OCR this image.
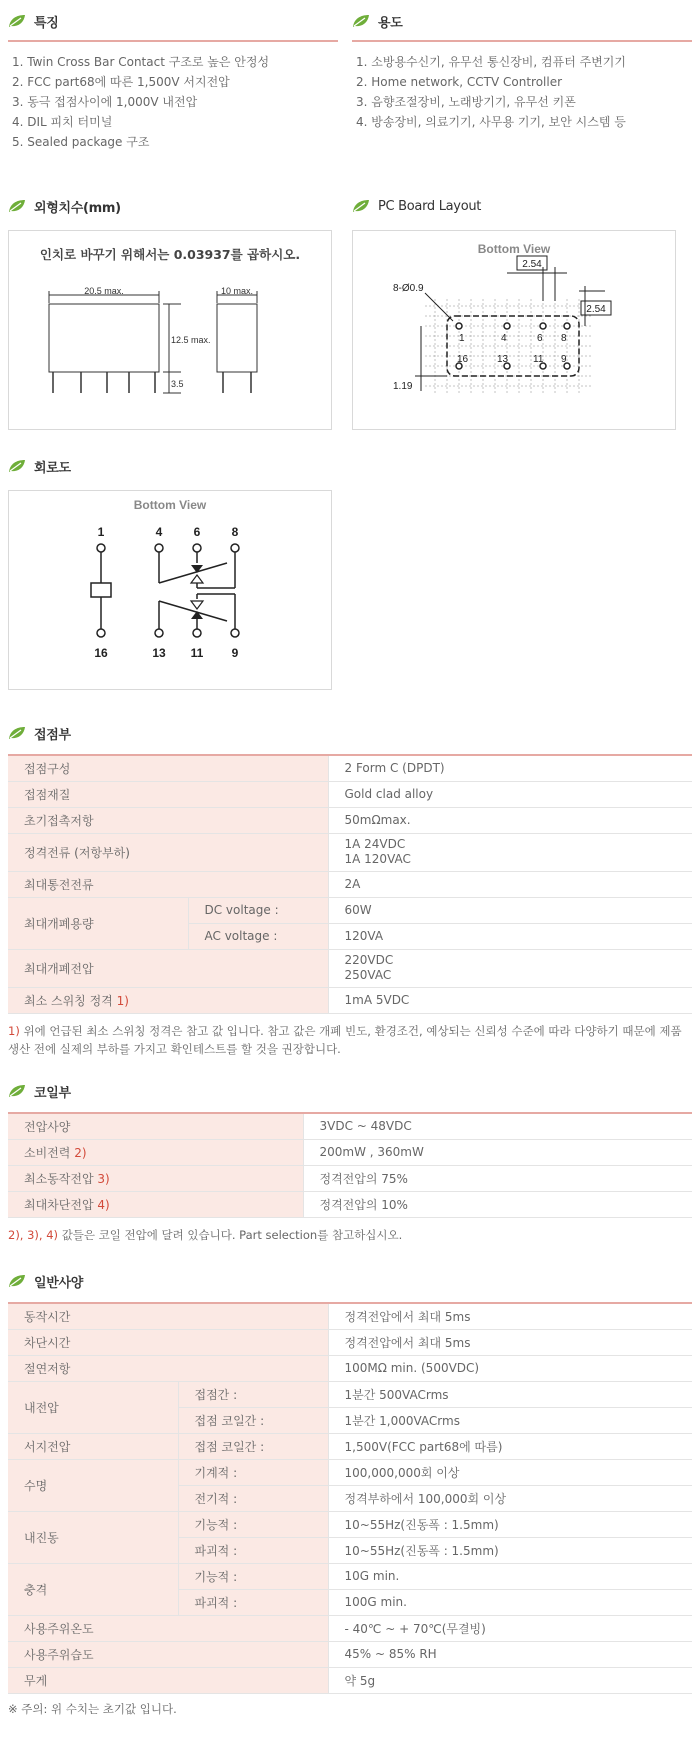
특징
1. Twin Cross Bar Contact 구조로 높은 안정성
2. FCC part68에 따른 1,500V 서지전압
3. 동극 접점사이에 1,000V 내전압
4. DIL 피치 터미널
5. Sealed package 구조
용도
1. 소방용수신기, 유무선 통신장비, 컴퓨터 주변기기
2. Home network, CCTV Controller
3. 음향조절장비, 노래방기기, 유무선 키폰
4. 방송장비, 의료기기, 사무용 기기, 보안 시스템 등
외형치수(mm)
인치로 바꾸기 위해서는 0.03937를 곱하시오.
20.5 max.
12.5 max.
3.5
10 max.
PC Board Layout
Bottom View
1	4	6 8
16	13 11 9
8-Ø0.9
2.54
2.54
1.19
회로도
Bottom View
1	4	6	8
16	13 11 9
접점부
접점구성		2 Form C (DPDT)
접점재질		Gold clad alloy
초기접촉저항		50mΩmax.
정격전류 (저항부하)		1A 24VDC
1A 120VAC

최대통전전류		2A
최대개폐용량	DC voltage :	60W
	AC voltage :	120VA
최대개폐전압		220VDC
250VAC

최소 스위칭 정격 1)		1mA 5VDC

1) 위에 언급된 최소 스위칭 정격은 참고 값 입니다. 참고 값은 개폐 빈도, 환경조건, 예상되는 신뢰성 수준에 따라 다양하기 때문에 제품 생산 전에 실제의 부하를 가지고 확인테스트를 할 것을 권장합니다.

코일부
전압사양	3VDC ~ 48VDC
소비전력 2)	200mW , 360mW
최소동작전압 3)	정격전압의 75%
최대차단전압 4)	정격전압의 10%

2), 3), 4) 값들은 코일 전압에 달려 있습니다. Part selection를 참고하십시오.

일반사양
동작시간		정격전압에서 최대 5ms
차단시간		정격전압에서 최대 5ms
절연저항		100MΩ min. (500VDC)
내전압	접점간 :	1분간 500VACrms
	접점 코일간 :	1분간 1,000VACrms
서지전압	접점 코일간 :	1,500V(FCC part68에 따름)
수명	기계적 :	100,000,000회 이상
	전기적 :	정격부하에서 100,000회 이상
내진동	기능적 :	10~55Hz(진동폭 : 1.5mm)
	파괴적 :	10~55Hz(진동폭 : 1.5mm)
충격	기능적 :	10G min.
	파괴적 :	100G min.
사용주위온도		- 40℃ ~ + 70℃(무결빙)
사용주위습도		45% ~ 85% RH
무게		약 5g

※ 주의: 위 수치는 초기값 입니다.
